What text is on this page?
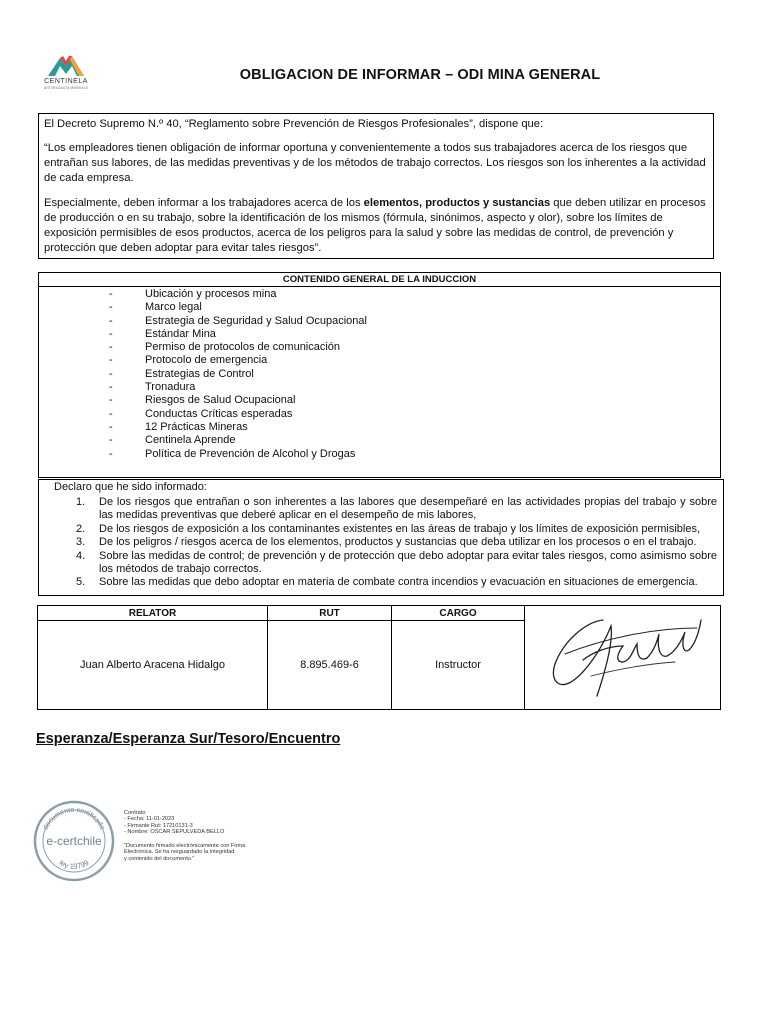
CENTINELA
ANTOFAGASTA MINERALS
OBLIGACION DE INFORMAR – ODI MINA GENERAL

El Decreto Supremo N.º 40, “Reglamento sobre Prevención de Riesgos Profesionales”, dispone que:

“Los empleadores tienen obligación de informar oportuna y convenientemente a todos sus trabajadores acerca de los riesgos que entrañan sus labores, de las medidas preventivas y de los métodos de trabajo correctos. Los riesgos son los inherentes a la actividad de cada empresa.

Especialmente, deben informar a los trabajadores acerca de los elementos, productos y sustancias que deben utilizar en procesos de producción o en su trabajo, sobre la identificación de los mismos (fórmula, sinónimos, aspecto y olor), sobre los límites de exposición permisibles de esos productos, acerca de los peligros para la salud y sobre las medidas de control, de prevención y protección que deben adoptar para evitar tales riesgos”.

CONTENIDO GENERAL DE LA INDUCCION
-	Ubicación y procesos mina
-	Marco legal
-	Estrategia de Seguridad y Salud Ocupacional
-	Estándar Mina
-	Permiso de protocolos de comunicación
-	Protocolo de emergencia
-	Estrategias de Control
-	Tronadura
-	Riesgos de Salud Ocupacional
-	Conductas Críticas esperadas
-	12 Prácticas Mineras
-	Centinela Aprende
-	Política de Prevención de Alcohol y Drogas
Declaro que he sido informado:
1. De los riesgos que entrañan o son inherentes a las labores que desempeñaré en las actividades propias del trabajo y sobre las medidas preventivas que deberé aplicar en el desempeño de mis labores,
2. De los riesgos de exposición a los contaminantes existentes en las áreas de trabajo y los límites de exposición permisibles,
3. De los peligros / riesgos acerca de los elementos, productos y sustancias que deba utilizar en los procesos o en el trabajo.
4. Sobre las medidas de control; de prevención y de protección que debo adoptar para evitar tales riesgos, como asimismo sobre los métodos de trabajo correctos.
5. Sobre las medidas que debo adoptar en materia de combate contra incendios y evacuación en situaciones de emergencia.
RELATOR	RUT	CARGO	
Juan Alberto Aracena Hidalgo	8.895.469-6	Instructor	
Esperanza/Esperanza Sur/Tesoro/Encuentro
documento certificado
e-certchile
ley 19799
Contrato
- Fecha: 11-01-2023
- Firmante Rut: 17210131-3
- Nombre: OSCAR SEPULVEDA BELLO
“Documento firmado electrónicamente con Firma
Electrónica. Se ha resguardado la integridad
y contenido del documento.”
